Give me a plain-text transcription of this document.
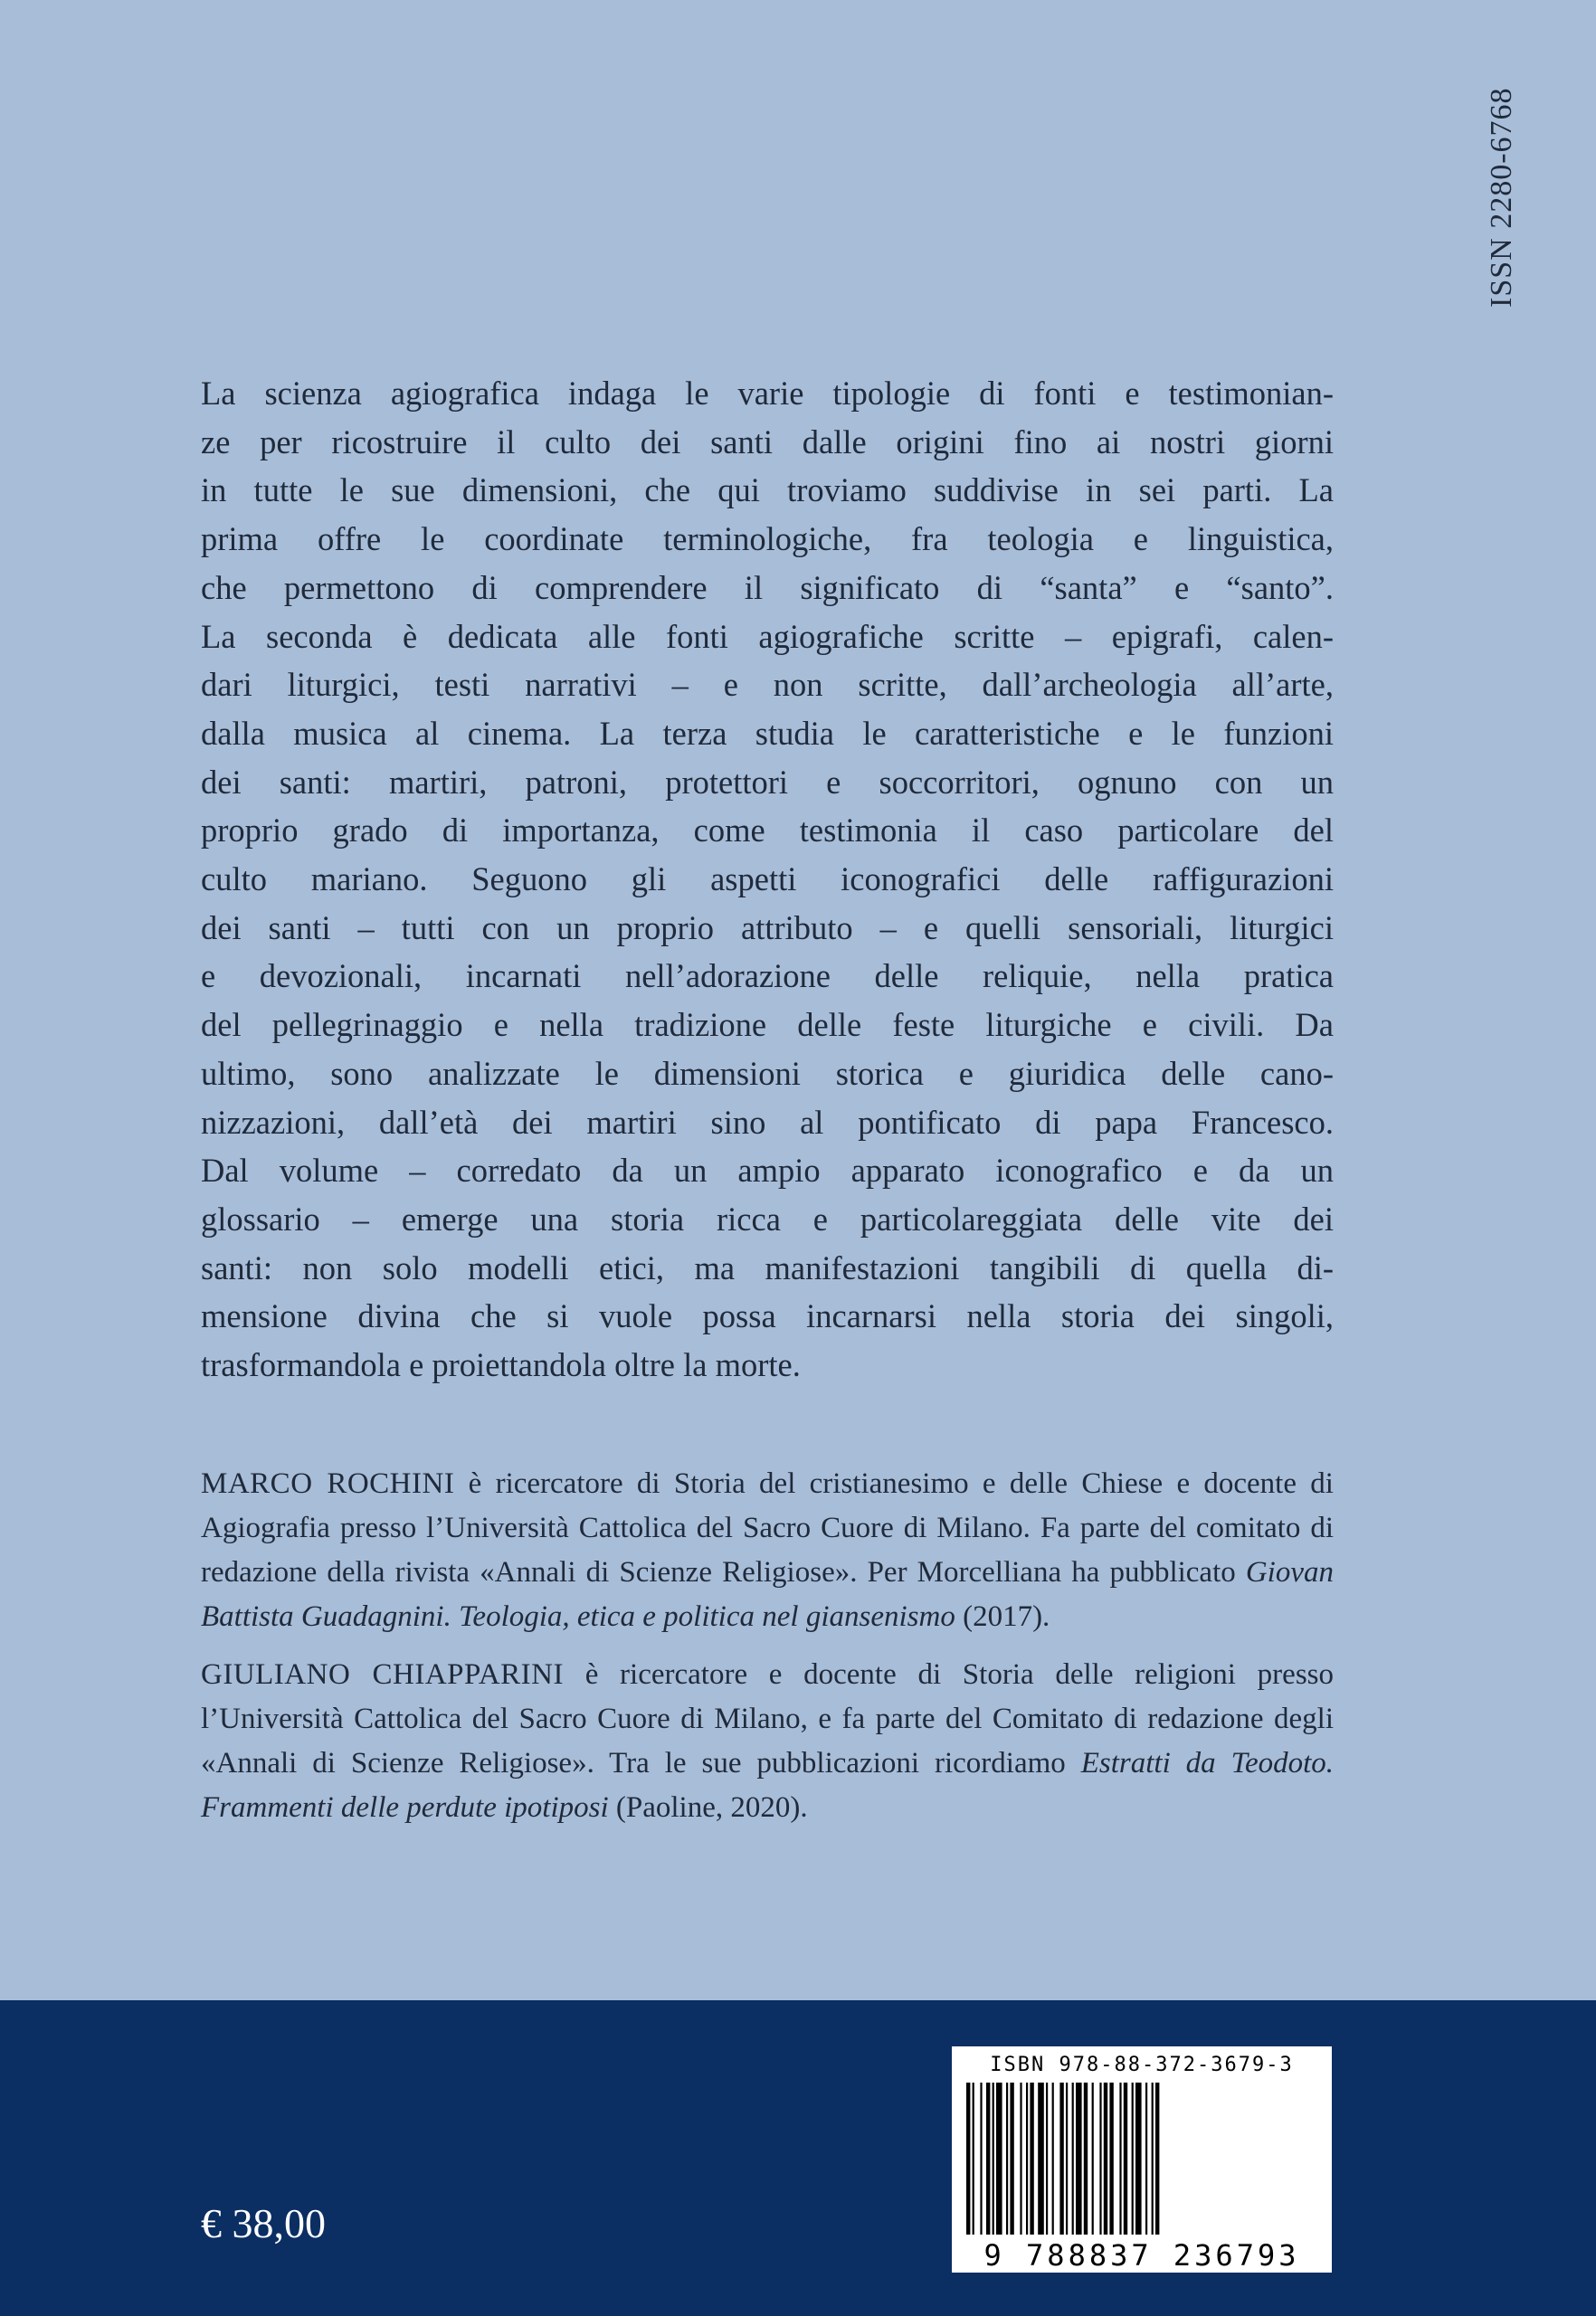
ISSN 2280-6768
La scienza agiografica indaga le varie tipologie di fonti e testimonian-
ze per ricostruire il culto dei santi dalle origini fino ai nostri giorni
in tutte le sue dimensioni, che qui troviamo suddivise in sei parti. La
prima offre le coordinate terminologiche, fra teologia e linguistica,
che permettono di comprendere il significato di “santa” e “santo”.
La seconda è dedicata alle fonti agiografiche scritte – epigrafi, calen-
dari liturgici, testi narrativi – e non scritte, dall’archeologia all’arte,
dalla musica al cinema. La terza studia le caratteristiche e le funzioni
dei santi: martiri, patroni, protettori e soccorritori, ognuno con un
proprio grado di importanza, come testimonia il caso particolare del
culto mariano. Seguono gli aspetti iconografici delle raffigurazioni
dei santi – tutti con un proprio attributo – e quelli sensoriali, liturgici
e devozionali, incarnati nell’adorazione delle reliquie, nella pratica
del pellegrinaggio e nella tradizione delle feste liturgiche e civili. Da
ultimo, sono analizzate le dimensioni storica e giuridica delle cano-
nizzazioni, dall’età dei martiri sino al pontificato di papa Francesco.
Dal volume – corredato da un ampio apparato iconografico e da un
glossario – emerge una storia ricca e particolareggiata delle vite dei
santi: non solo modelli etici, ma manifestazioni tangibili di quella di-
mensione divina che si vuole possa incarnarsi nella storia dei singoli,
trasformandola e proiettandola oltre la morte.

MARCO ROCHINI è ricercatore di Storia del cristianesimo e delle Chiese e docente di Agiografia presso l’Università Cattolica del Sacro Cuore di Milano. Fa parte del comitato di redazione della rivista «Annali di Scienze Religiose». Per Morcelliana ha pubblicato Giovan Battista Guadagnini. Teologia, etica e politica nel giansenismo (2017).

GIULIANO CHIAPPARINI è ricercatore e docente di Storia delle religioni presso l’Università Cattolica del Sacro Cuore di Milano, e fa parte del Comitato di redazione degli «Annali di Scienze Religiose». Tra le sue pubblicazioni ricordiamo Estratti da Teodoto. Frammenti delle perdute ipotiposi (Paoline, 2020).

€ 38,00
ISBN 978-88-372-3679-3
9 788837 236793
